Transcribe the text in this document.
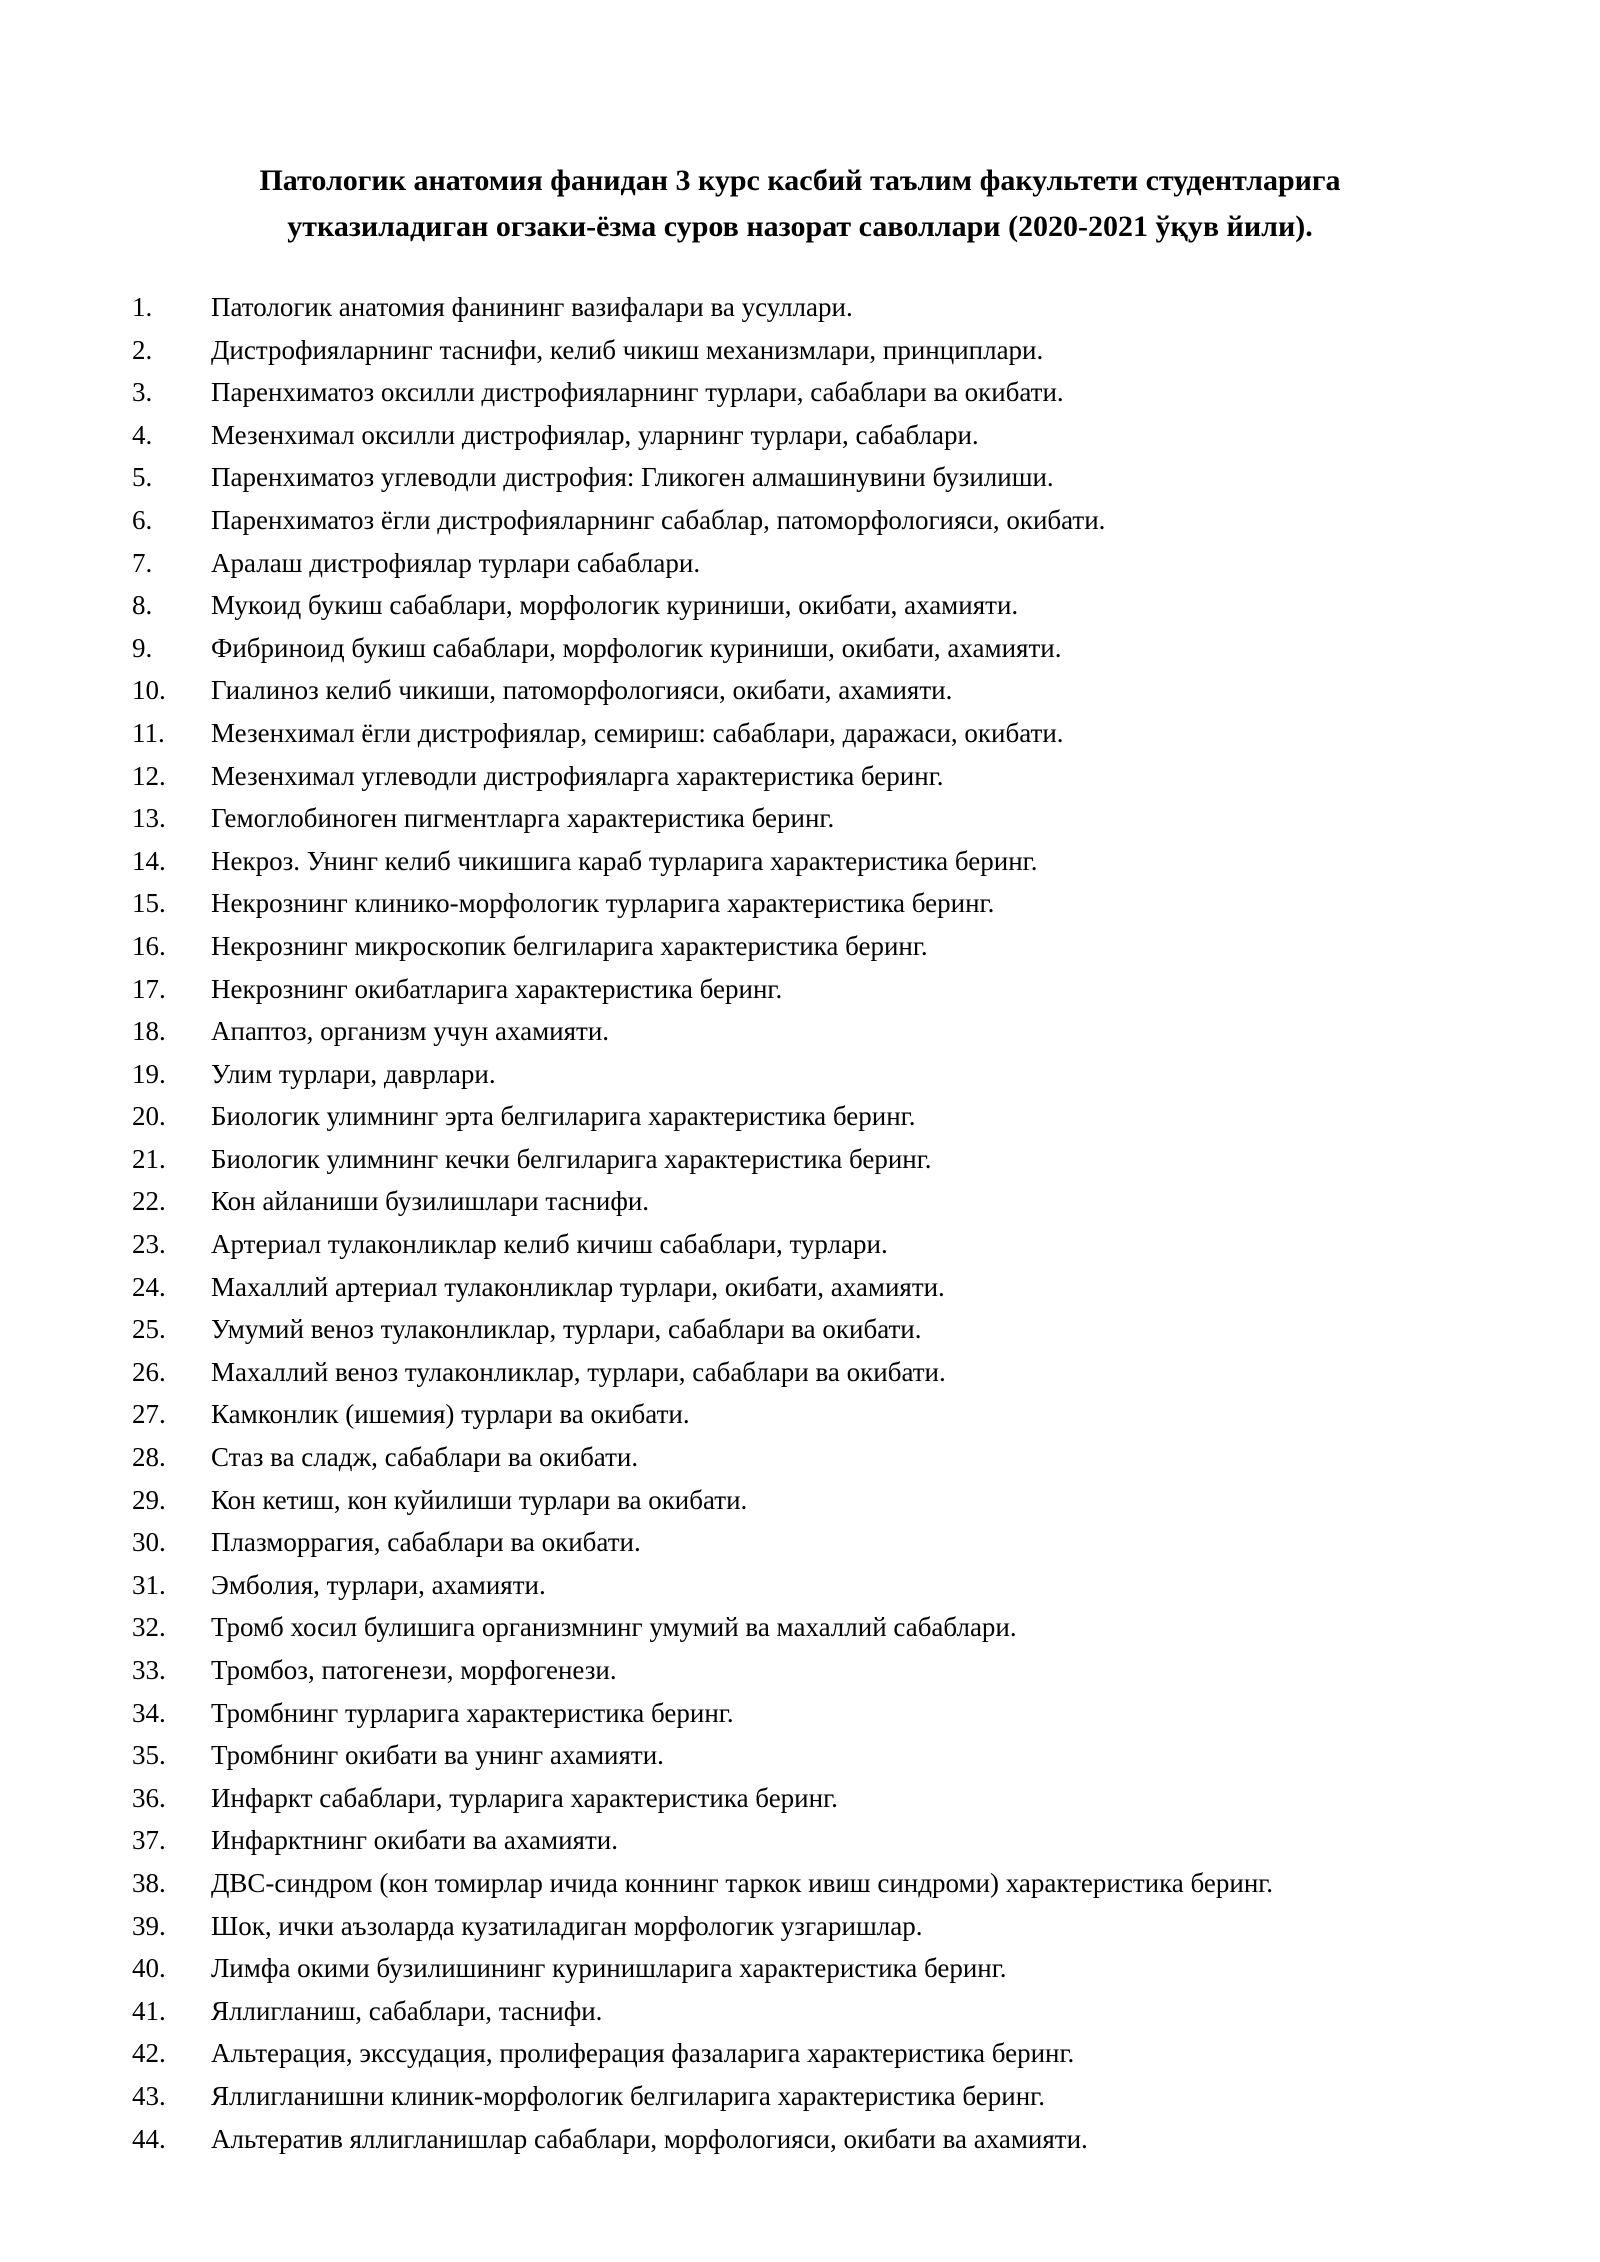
Патологик анатомия фанидан 3 курс касбий таълим факультети студентларига
утказиладиган огзаки-ёзма суров назорат саволлари (2020-2021 ўқув йили).
1. Патологик анатомия фанининг вазифалари ва усуллари.
2. Дистрофияларнинг таснифи, келиб чикиш механизмлари, принциплари.
3. Паренхиматоз оксилли дистрофияларнинг турлари, сабаблари ва окибати.
4. Мезенхимал оксилли дистрофиялар, уларнинг турлари, сабаблари.
5. Паренхиматоз углеводли дистрофия: Гликоген алмашинувини бузилиши.
6. Паренхиматоз ёгли дистрофияларнинг сабаблар, патоморфологияси, окибати.
7. Аралаш дистрофиялар турлари сабаблари.
8. Мукоид букиш сабаблари, морфологик куриниши, окибати, ахамияти.
9. Фибриноид букиш сабаблари, морфологик куриниши, окибати, ахамияти.
10. Гиалиноз келиб чикиши, патоморфологияси, окибати, ахамияти.
11. Мезенхимал ёгли дистрофиялар, семириш: сабаблари, даражаси, окибати.
12. Мезенхимал углеводли дистрофияларга характеристика беринг.
13. Гемоглобиноген пигментларга характеристика беринг.
14. Некроз. Унинг келиб чикишига караб турларига характеристика беринг.
15. Некрознинг клинико-морфологик турларига характеристика беринг.
16. Некрознинг микроскопик белгиларига характеристика беринг.
17. Некрознинг окибатларига характеристика беринг.
18. Апаптоз, организм учун ахамияти.
19. Улим турлари, даврлари.
20. Биологик улимнинг эрта белгиларига характеристика беринг.
21. Биологик улимнинг кечки белгиларига характеристика беринг.
22. Кон айланиши бузилишлари таснифи.
23. Артериал тулаконликлар келиб кичиш сабаблари, турлари.
24. Махаллий артериал тулаконликлар турлари, окибати, ахамияти.
25. Умумий веноз тулаконликлар, турлари, сабаблари ва окибати.
26. Махаллий веноз тулаконликлар, турлари, сабаблари ва окибати.
27. Камконлик (ишемия) турлари ва окибати.
28. Стаз ва сладж, сабаблари ва окибати.
29. Кон кетиш, кон куйилиши турлари ва окибати.
30. Плазморрагия, сабаблари ва окибати.
31. Эмболия, турлари, ахамияти.
32. Тромб хосил булишига организмнинг умумий ва махаллий сабаблари.
33. Тромбоз, патогенези, морфогенези.
34. Тромбнинг турларига характеристика беринг.
35. Тромбнинг окибати ва унинг ахамияти.
36. Инфаркт сабаблари, турларига характеристика беринг.
37. Инфарктнинг окибати ва ахамияти.
38. ДВС-синдром (кон томирлар ичида коннинг таркок ивиш синдроми) характеристика беринг.
39. Шок, ички аъзоларда кузатиладиган морфологик узгаришлар.
40. Лимфа окими бузилишининг куринишларига характеристика беринг.
41. Яллигланиш, сабаблари, таснифи.
42. Альтерация, экссудация, пролиферация фазаларига характеристика беринг.
43. Яллигланишни клиник-морфологик белгиларига характеристика беринг.
44. Альтератив яллигланишлар сабаблари, морфологияси, окибати ва ахамияти.
